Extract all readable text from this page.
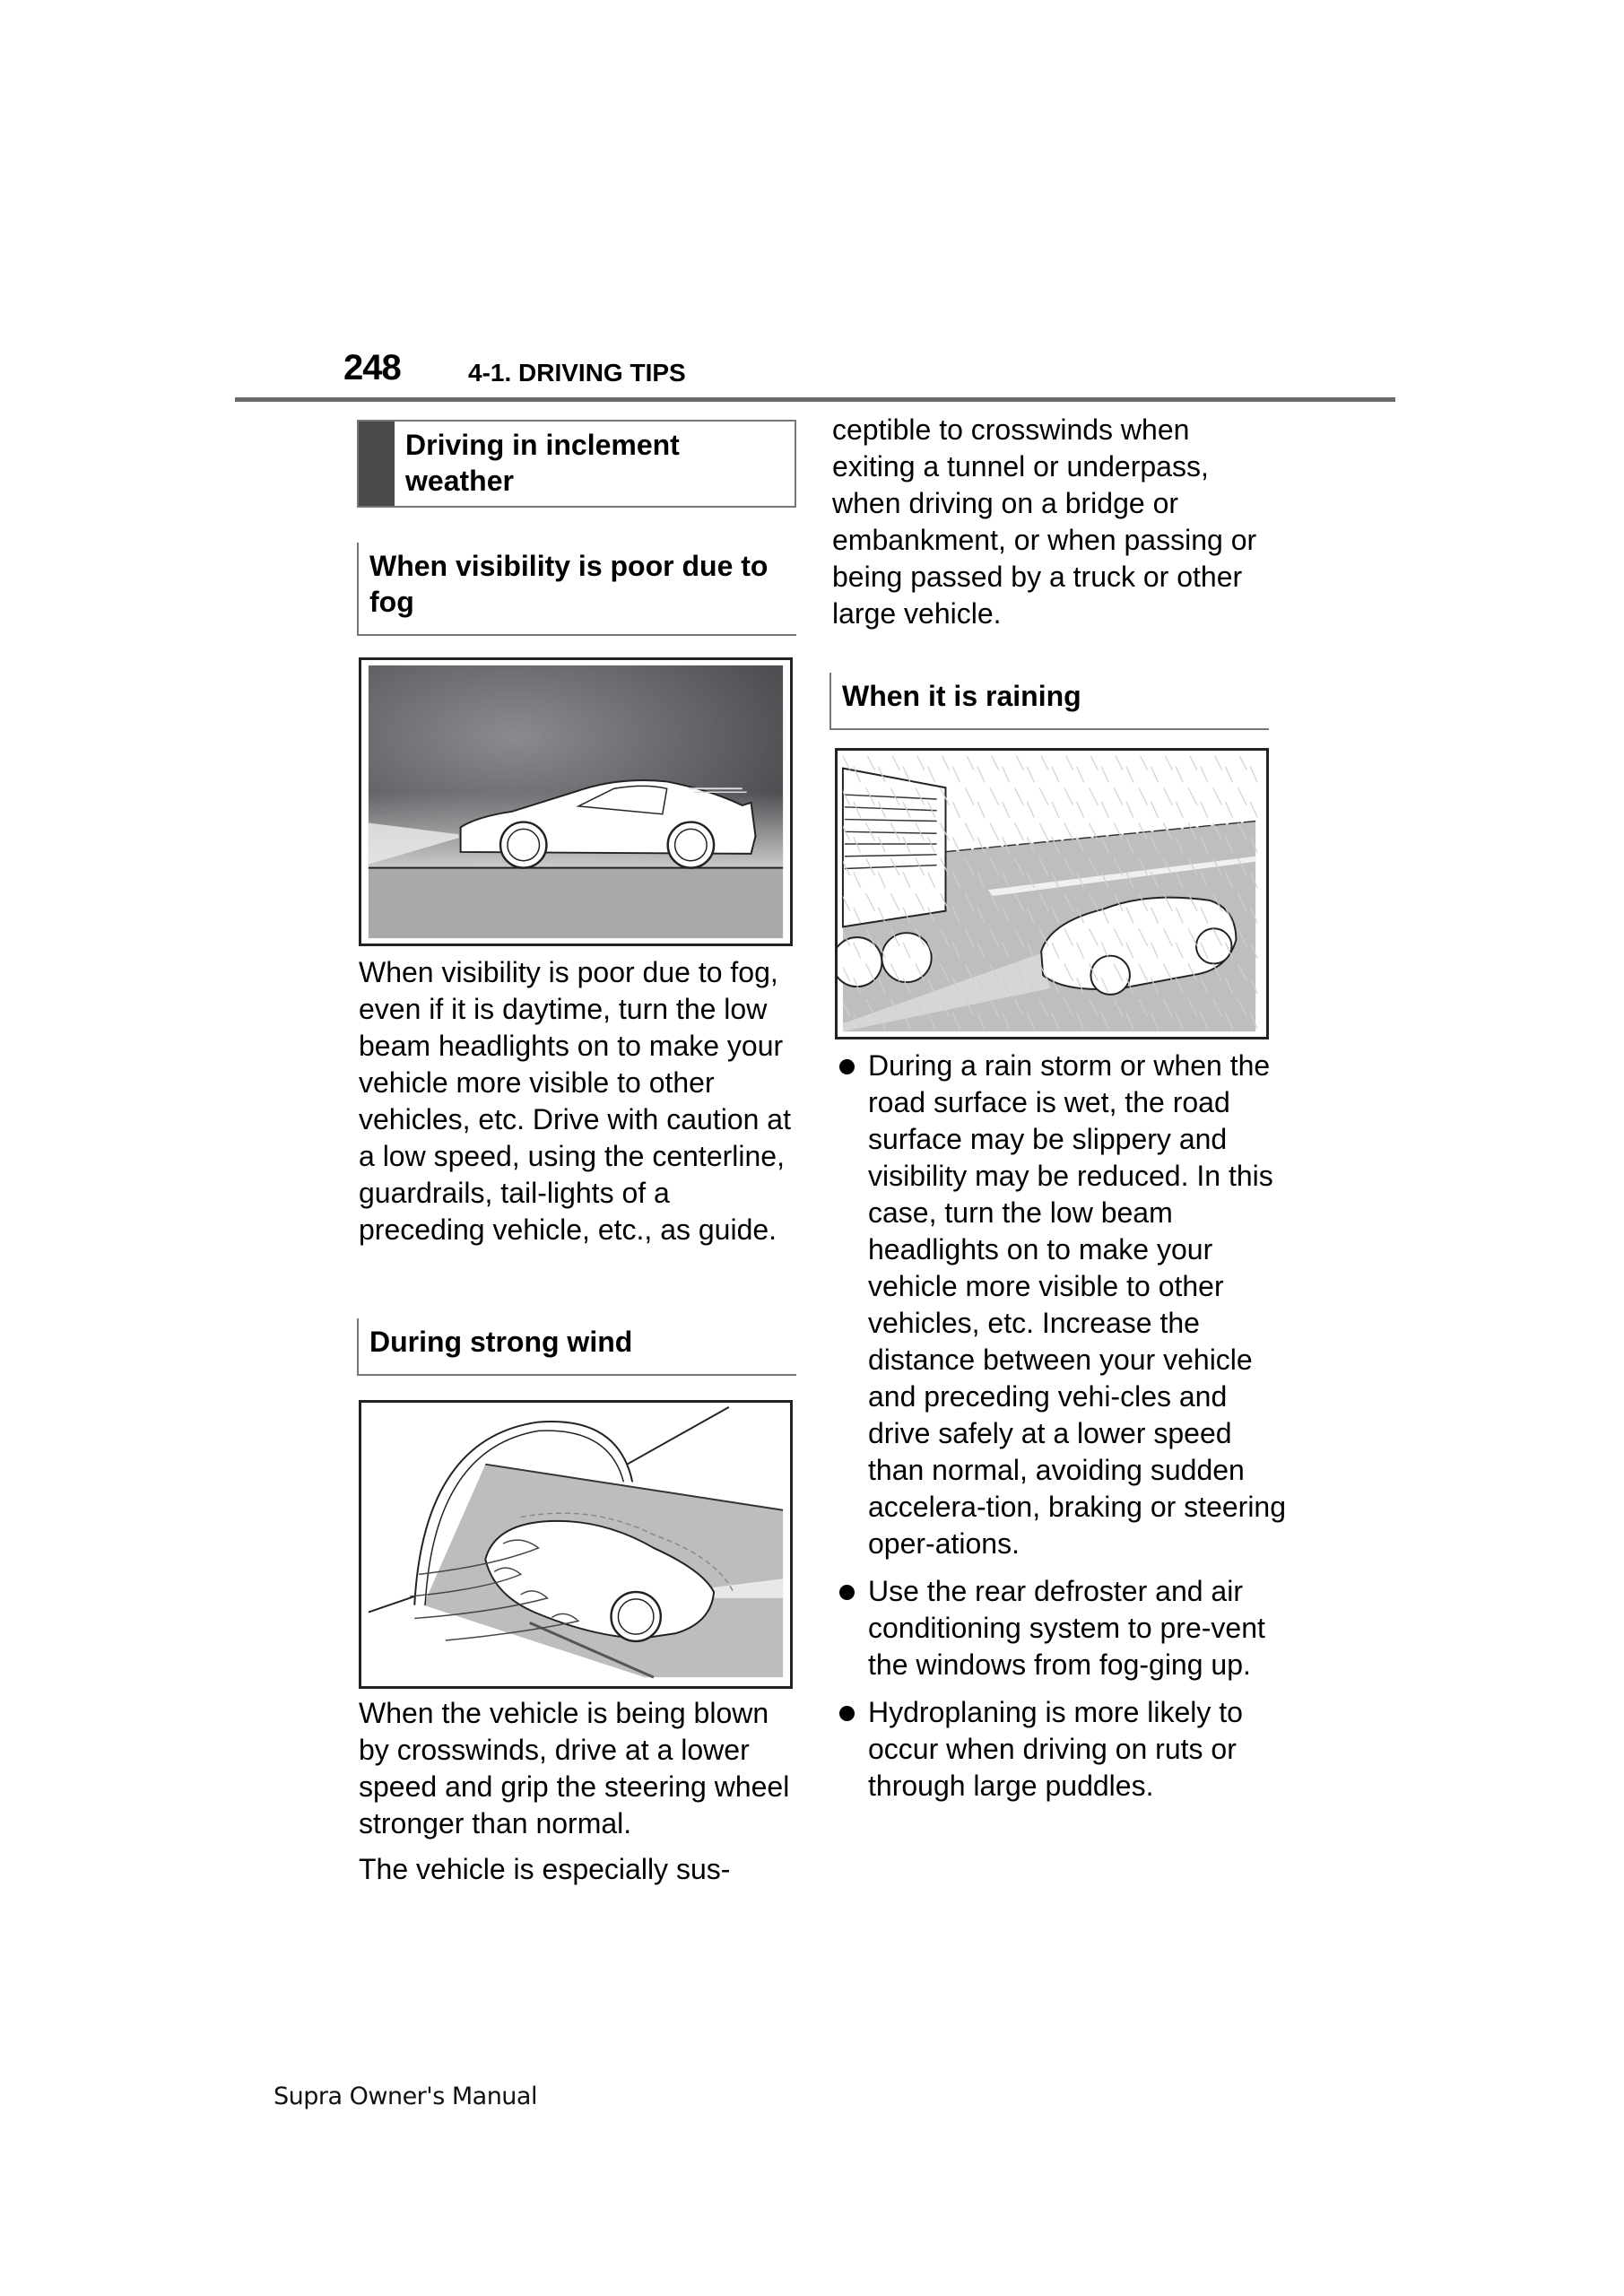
248	4-1. DRIVING TIPS
Driving in inclement weather
When visibility is poor due to fog
When visibility is poor due to fog, even if it is daytime, turn the low beam headlights on to make your vehicle more visible to other vehicles, etc. Drive with caution at a low speed, using the centerline, guardrails, tail-lights of a preceding vehicle, etc., as guide.
During strong wind
When the vehicle is being blown by crosswinds, drive at a lower speed and grip the steering wheel stronger than normal.
The vehicle is especially sus-
ceptible to crosswinds when exiting a tunnel or underpass, when driving on a bridge or embankment, or when passing or being passed by a truck or other large vehicle.
When it is raining
During a rain storm or when the road surface is wet, the road surface may be slippery and visibility may be reduced. In this case, turn the low beam headlights on to make your vehicle more visible to other vehicles, etc. Increase the distance between your vehicle and preceding vehi-cles and drive safely at a lower speed than normal, avoiding sudden accelera-tion, braking or steering oper-ations.
Use the rear defroster and air conditioning system to pre-vent the windows from fog-ging up.
Hydroplaning is more likely to occur when driving on ruts or through large puddles.
Supra Owner's Manual
